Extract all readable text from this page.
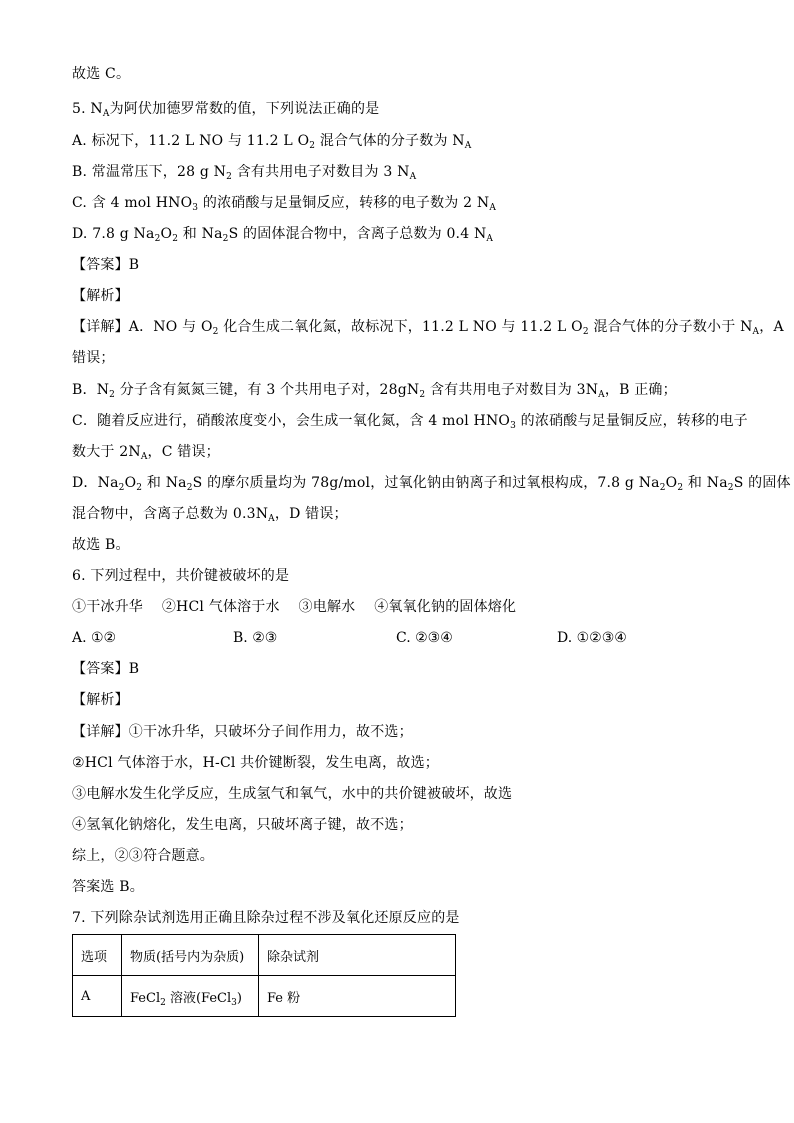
故选 C。
5. $N_A$为阿伏加德罗常数的值，下列说法正确的是
A. 标况下，11.2 L NO 与 11.2 L $O_2$ 混合气体的分子数为 $N_A$
B. 常温常压下，28 g $N_2$ 含有共用电子对数目为 3 $N_A$
C. 含 4 mol $HNO_3$ 的浓硝酸与足量铜反应，转移的电子数为 2 $N_A$
D. 7.8 g $Na_2O_2$ 和 $Na_2S$ 的固体混合物中，含离子总数为 0.4 $N_A$
【答案】B
【解析】
【详解】A．NO 与 $O_2$ 化合生成二氧化氮，故标况下，11.2 L NO 与 11.2 L $O_2$ 混合气体的分子数小于 $N_A$，A
错误；
B．$N_2$ 分子含有氮氮三键，有 3 个共用电子对，$28gN_2$ 含有共用电子对数目为 $3N_A$，B 正确；
C．随着反应进行，硝酸浓度变小，会生成一氧化氮，含 4 mol $HNO_3$ 的浓硝酸与足量铜反应，转移的电子
数大于 $2N_A$，C 错误；
D．$Na_2O_2$ 和 $Na_2S$ 的摩尔质量均为 78g/mol，过氧化钠由钠离子和过氧根构成，7.8 g $Na_2O_2$ 和 $Na_2S$ 的固体
混合物中，含离子总数为 $0.3N_A$，D 错误；
故选 B。
6. 下列过程中，共价键被破坏的是
①干冰升华　 ②HCl 气体溶于水　 ③电解水　 ④氧氧化钠的固体熔化
A. ①②	B. ②③	C. ②③④	D. ①②③④
【答案】B
【解析】
【详解】①干冰升华，只破坏分子间作用力，故不选；
②HCl 气体溶于水，H-Cl 共价键断裂，发生电离，故选；
③电解水发生化学反应，生成氢气和氧气，水中的共价键被破坏，故选
④氢氧化钠熔化，发生电离，只破坏离子键，故不选；
综上，②③符合题意。
答案选 B。
7. 下列除杂试剂选用正确且除杂过程不涉及氧化还原反应的是
选项	物质(括号内为杂质)	除杂试剂
A	FeCl$_2$ 溶液(FeCl$_3$)	Fe 粉
